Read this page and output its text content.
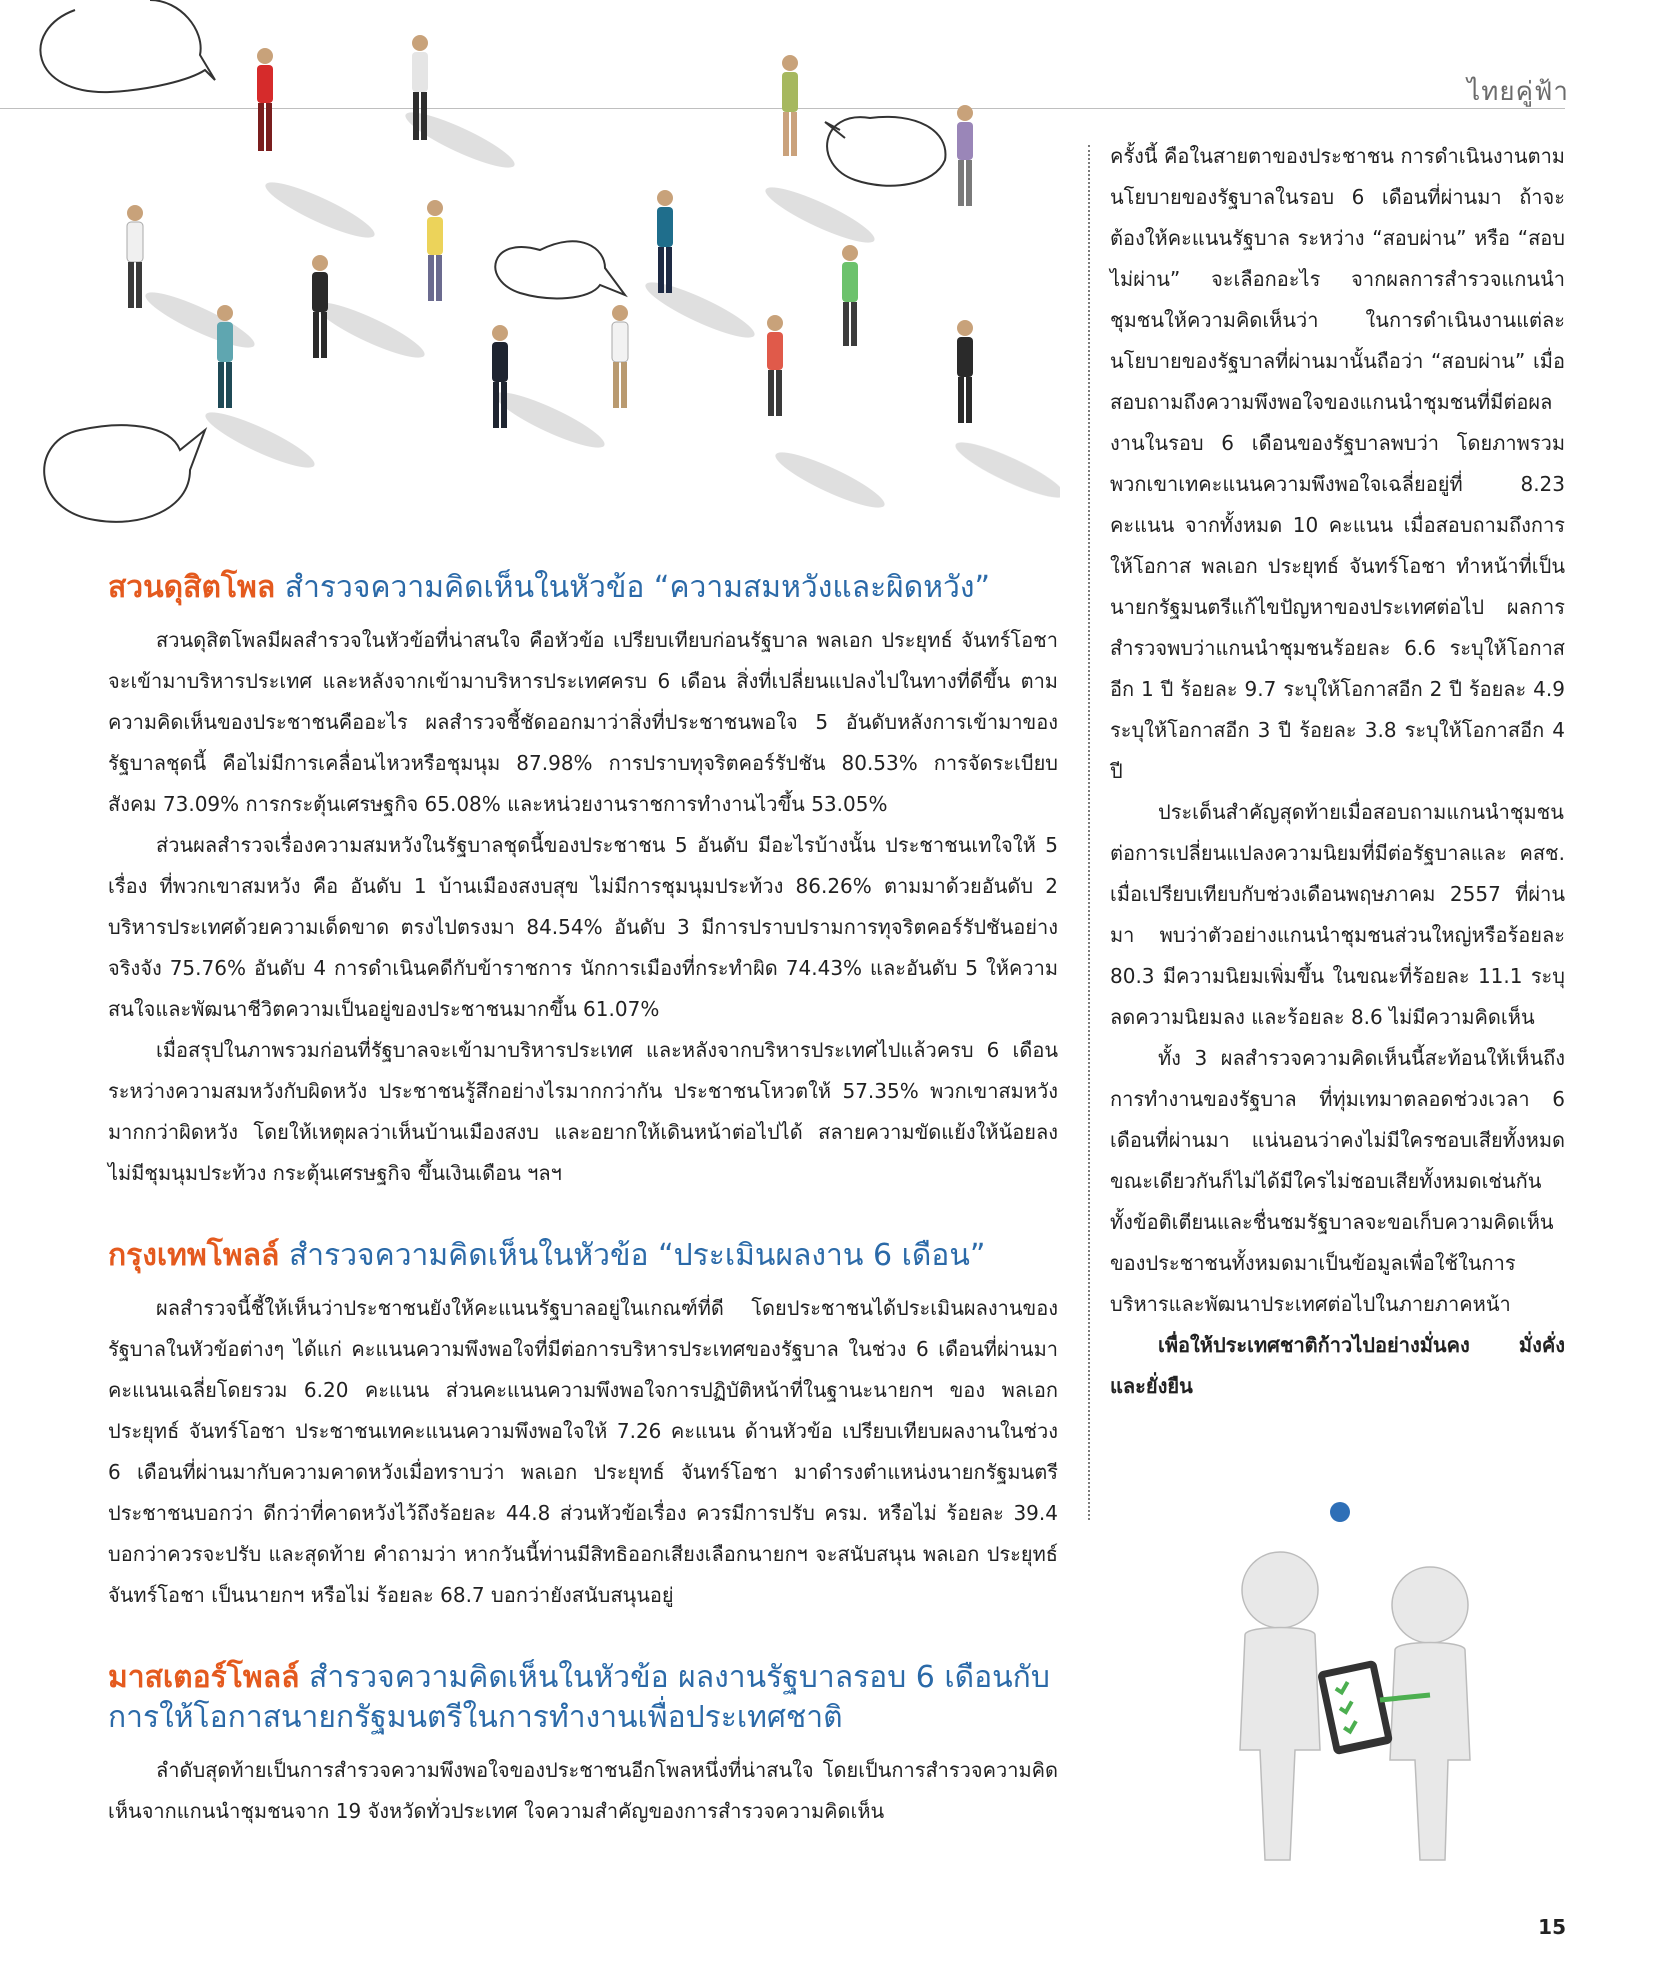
ไทยคู่ฟ้า
สวนดุสิตโพล สำรวจความคิดเห็นในหัวข้อ “ความสมหวังและผิดหวัง”

สวนดุสิตโพลมีผลสำรวจในหัวข้อที่น่าสนใจ คือหัวข้อ เปรียบเทียบก่อนรัฐบาล พลเอก ประยุทธ์ จันทร์โอชา จะเข้ามาบริหารประเทศ และหลังจากเข้ามาบริหารประเทศครบ 6 เดือน สิ่งที่เปลี่ยนแปลงไปในทางที่ดีขึ้น ตามความคิดเห็นของประชาชนคืออะไร ผลสำรวจชี้ชัดออกมาว่าสิ่งที่ประชาชนพอใจ 5 อันดับหลังการเข้ามาของรัฐบาลชุดนี้ คือไม่มีการเคลื่อนไหวหรือชุมนุม 87.98% การปราบทุจริตคอร์รัปชัน 80.53% การจัดระเบียบสังคม 73.09% การกระตุ้นเศรษฐกิจ 65.08% และหน่วยงานราชการทำงานไวขึ้น 53.05%

ส่วนผลสำรวจเรื่องความสมหวังในรัฐบาลชุดนี้ของประชาชน 5 อันดับ มีอะไรบ้างนั้น ประชาชนเทใจให้ 5 เรื่อง ที่พวกเขาสมหวัง คือ อันดับ 1 บ้านเมืองสงบสุข ไม่มีการชุมนุมประท้วง 86.26% ตามมาด้วยอันดับ 2 บริหารประเทศด้วยความเด็ดขาด ตรงไปตรงมา 84.54% อันดับ 3 มีการปราบปรามการทุจริตคอร์รัปชันอย่างจริงจัง 75.76% อันดับ 4 การดำเนินคดีกับข้าราชการ นักการเมืองที่กระทำผิด 74.43% และอันดับ 5 ให้ความสนใจและพัฒนาชีวิตความเป็นอยู่ของประชาชนมากขึ้น 61.07%

เมื่อสรุปในภาพรวมก่อนที่รัฐบาลจะเข้ามาบริหารประเทศ และหลังจากบริหารประเทศไปแล้วครบ 6 เดือน ระหว่างความสมหวังกับผิดหวัง ประชาชนรู้สึกอย่างไรมากกว่ากัน ประชาชนโหวตให้ 57.35% พวกเขาสมหวังมากกว่าผิดหวัง โดยให้เหตุผลว่าเห็นบ้านเมืองสงบ และอยากให้เดินหน้าต่อไปได้ สลายความขัดแย้งให้น้อยลง ไม่มีชุมนุมประท้วง กระตุ้นเศรษฐกิจ ขึ้นเงินเดือน ฯลฯ

กรุงเทพโพลล์ สำรวจความคิดเห็นในหัวข้อ “ประเมินผลงาน 6 เดือน”

ผลสำรวจนี้ชี้ให้เห็นว่าประชาชนยังให้คะแนนรัฐบาลอยู่ในเกณฑ์ที่ดี โดยประชาชนได้ประเมินผลงานของรัฐบาลในหัวข้อต่างๆ ได้แก่ คะแนนความพึงพอใจที่มีต่อการบริหารประเทศของรัฐบาล ในช่วง 6 เดือนที่ผ่านมา คะแนนเฉลี่ยโดยรวม 6.20 คะแนน ส่วนคะแนนความพึงพอใจการปฏิบัติหน้าที่ในฐานะนายกฯ ของ พลเอก ประยุทธ์ จันทร์โอชา ประชาชนเทคะแนนความพึงพอใจให้ 7.26 คะแนน ด้านหัวข้อ เปรียบเทียบผลงานในช่วง 6 เดือนที่ผ่านมากับความคาดหวังเมื่อทราบว่า พลเอก ประยุทธ์ จันทร์โอชา มาดำรงตำแหน่งนายกรัฐมนตรี ประชาชนบอกว่า ดีกว่าที่คาดหวังไว้ถึงร้อยละ 44.8 ส่วนหัวข้อเรื่อง ควรมีการปรับ ครม. หรือไม่ ร้อยละ 39.4 บอกว่าควรจะปรับ และสุดท้าย คำถามว่า หากวันนี้ท่านมีสิทธิออกเสียงเลือกนายกฯ จะสนับสนุน พลเอก ประยุทธ์ จันทร์โอชา เป็นนายกฯ หรือไม่ ร้อยละ 68.7 บอกว่ายังสนับสนุนอยู่

มาสเตอร์โพลล์ สำรวจความคิดเห็นในหัวข้อ ผลงานรัฐบาลรอบ 6 เดือนกับการให้โอกาสนายกรัฐมนตรีในการทำงานเพื่อประเทศชาติ

ลำดับสุดท้ายเป็นการสำรวจความพึงพอใจของประชาชนอีกโพลหนึ่งที่น่าสนใจ โดยเป็นการสำรวจความคิดเห็นจากแกนนำชุมชนจาก 19 จังหวัดทั่วประเทศ ใจความสำคัญของการสำรวจความคิดเห็น

ครั้งนี้ คือในสายตาของประชาชน การดำเนินงานตามนโยบายของรัฐบาลในรอบ 6 เดือนที่ผ่านมา ถ้าจะต้องให้คะแนนรัฐบาล ระหว่าง “สอบผ่าน” หรือ “สอบไม่ผ่าน” จะเลือกอะไร จากผลการสำรวจแกนนำชุมชนให้ความคิดเห็นว่า ในการดำเนินงานแต่ละนโยบายของรัฐบาลที่ผ่านมานั้นถือว่า “สอบผ่าน” เมื่อสอบถามถึงความพึงพอใจของแกนนำชุมชนที่มีต่อผลงานในรอบ 6 เดือนของรัฐบาลพบว่า โดยภาพรวมพวกเขาเทคะแนนความพึงพอใจเฉลี่ยอยู่ที่ 8.23 คะแนน จากทั้งหมด 10 คะแนน เมื่อสอบถามถึงการให้โอกาส พลเอก ประยุทธ์ จันทร์โอชา ทำหน้าที่เป็นนายกรัฐมนตรีแก้ไขปัญหาของประเทศต่อไป ผลการสำรวจพบว่าแกนนำชุมชนร้อยละ 6.6 ระบุให้โอกาสอีก 1 ปี ร้อยละ 9.7 ระบุให้โอกาสอีก 2 ปี ร้อยละ 4.9 ระบุให้โอกาสอีก 3 ปี ร้อยละ 3.8 ระบุให้โอกาสอีก 4 ปี

ประเด็นสำคัญสุดท้ายเมื่อสอบถามแกนนำชุมชนต่อการเปลี่ยนแปลงความนิยมที่มีต่อรัฐบาลและ คสช. เมื่อเปรียบเทียบกับช่วงเดือนพฤษภาคม 2557 ที่ผ่านมา พบว่าตัวอย่างแกนนำชุมชนส่วนใหญ่หรือร้อยละ 80.3 มีความนิยมเพิ่มขึ้น ในขณะที่ร้อยละ 11.1 ระบุลดความนิยมลง และร้อยละ 8.6 ไม่มีความคิดเห็น

ทั้ง 3 ผลสำรวจความคิดเห็นนี้สะท้อนให้เห็นถึงการทำงานของรัฐบาล ที่ทุ่มเทมาตลอดช่วงเวลา 6 เดือนที่ผ่านมา แน่นอนว่าคงไม่มีใครชอบเสียทั้งหมด ขณะเดียวกันก็ไม่ได้มีใครไม่ชอบเสียทั้งหมดเช่นกัน ทั้งข้อติเตียนและชื่นชมรัฐบาลจะขอเก็บความคิดเห็นของประชาชนทั้งหมดมาเป็นข้อมูลเพื่อใช้ในการบริหารและพัฒนาประเทศต่อไปในภายภาคหน้า

เพื่อให้ประเทศชาติก้าวไปอย่างมั่นคง มั่งคั่ง และยั่งยืน

15
